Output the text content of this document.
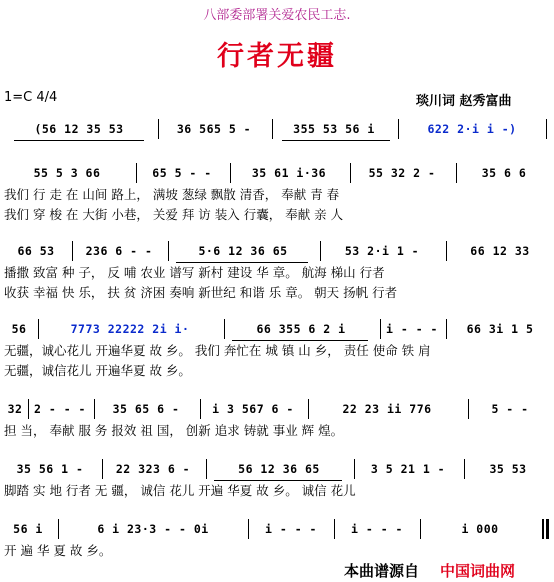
八部委部署关爱农民工志.
行者无疆
1=C 4/4	琰川词 赵秀富曲
(56 12 35 53	36 565 5 -	355 53 56 i	622 2·i i -)
55 5 3 66	65 5 - -	35 61 i·36	55 32 2 -	35 6 6
我们 行 走 在 山间 路上， 满坡 葱绿 飘散 清香， 奉献 青 春
我们 穿 梭 在 大街 小巷， 关爱 拜 访 装入 行囊， 奉献 亲 人
66 53	236 6 - -	5·6 12 36 65	53 2·i 1 -	66 12 33
播撒 致富 种 子， 反 哺 农业 谱写 新村 建设 华 章。 航海 梯山 行者
收获 幸福 快 乐， 扶 贫 济困 奏响 新世纪 和谐 乐 章。 朝天 扬帆 行者
56	7773 22222 2i i·	66 355 6 2 i	i - - -	66 3i 1 5
无疆，诚心花儿 开遍华夏 故 乡。 我们 奔忙在 城 镇 山 乡， 责任 使命 铁 肩
无疆，诚信花儿 开遍华夏 故 乡。
32	2 - - -	35 65 6 -	i 3 567 6 -	22 23 ii 776	5 - -
担 当， 奉献 服 务 报效 祖 国， 创新 追求 铸就 事业 辉 煌。
35 56 1 -	22 323 6 -	56 12 36 65	3 5 21 1 -	35 53
脚踏 实 地 行者 无 疆， 诚信 花儿 开遍 华夏 故 乡。 诚信 花儿
56 i	6 i 23·3 - - 0i	i - - -	i - - -	i 000
开 遍 华 夏 故 乡。
本曲谱源自 中国词曲网
